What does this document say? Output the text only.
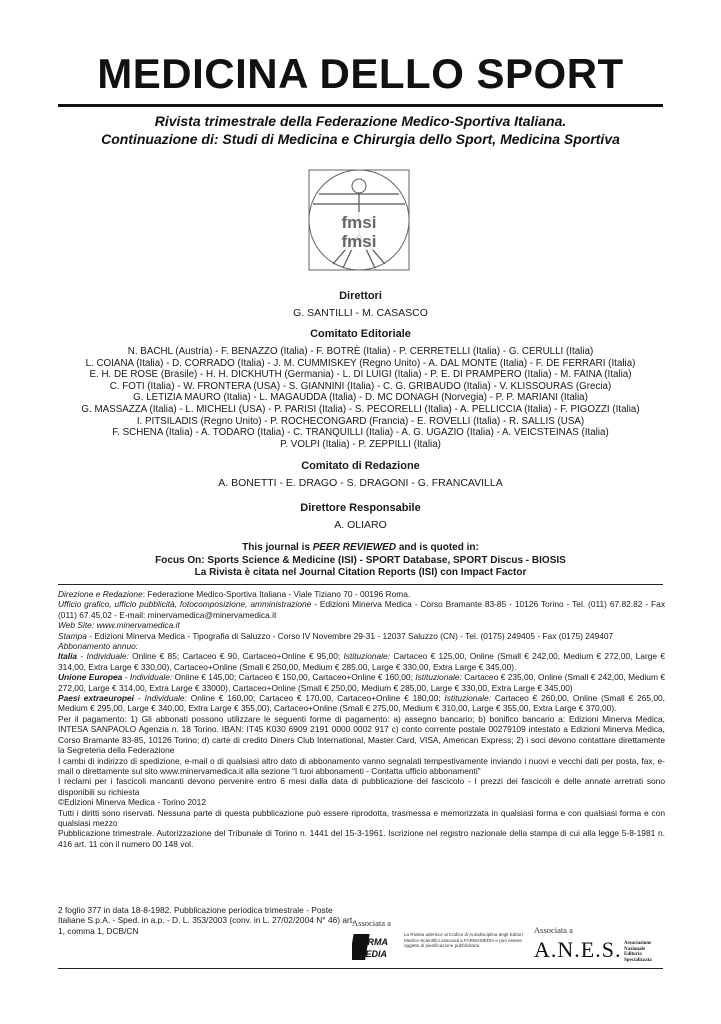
MEDICINA DELLO SPORT
Rivista trimestrale della Federazione Medico-Sportiva Italiana.
Continuazione di: Studi di Medicina e Chirurgia dello Sport, Medicina Sportiva
fmsi
fmsi
Direttori
G. SANTILLI - M. CASASCO
Comitato Editoriale
N. BACHL (Austria) - F. BENAZZO (Italia) - F. BOTRÈ (Italia) - P. CERRETELLI (Italia) - G. CERULLI (Italia)
L. COIANA (Italia) - D. CORRADO (Italia) - J. M. CUMMISKEY (Regno Unito) - A. DAL MONTE (Italia) - F. DE FERRARI (Italia)
E. H. DE ROSE (Brasile) - H. H. DICKHUTH (Germania) - L. DI LUIGI (Italia) - P. E. DI PRAMPERO (Italia) - M. FAINA (Italia)
C. FOTI (Italia) - W. FRONTERA (USA) - S. GIANNINI (Italia) - C. G. GRIBAUDO (Italia) - V. KLISSOURAS (Grecia)
G. LETIZIA MAURO (Italia) - L. MAGAUDDA (Italia) - D. MC DONAGH (Norvegia) - P. P. MARIANI (Italia)
G. MASSAZZA (Italia) - L. MICHELI (USA) - P. PARISI (Italia) - S. PECORELLI (Italia) - A. PELLICCIA (Italia) - F. PIGOZZI (Italia)
I. PITSILADIS (Regno Unito) - P. ROCHECONGARD (Francia) - E. ROVELLI (Italia) - R. SALLIS (USA)
F. SCHENA (Italia) - A. TODARO (Italia) - C. TRANQUILLI (Italia) - A. G. UGAZIO (Italia) - A. VEICSTEINAS (Italia)
P. VOLPI (Italia) - P. ZEPPILLI (Italia)
Comitato di Redazione
A. BONETTI - E. DRAGO - S. DRAGONI - G. FRANCAVILLA
Direttore Responsabile
A. OLIARO
This journal is PEER REVIEWED and is quoted in:
Focus On: Sports Science & Medicine (ISI) - SPORT Database, SPORT Discus - BIOSIS
La Rivista è citata nel Journal Citation Reports (ISI) con Impact Factor

Direzione e Redazione: Federazione Medico-Sportiva Italiana - Viale Tiziano 70 - 00196 Roma.

Ufficio grafico, ufficio pubblicità, fotocomposizione, amministrazione - Edizioni Minerva Medica - Corso Bramante 83-85 - 10126 Torino - Tel. (011) 67.82.82 - Fax (011) 67.45.02 - E-mail: minervamedica@minervamedica.it

Web Site: www.minervamedica.it

Stampa - Edizioni Minerva Medica - Tipografia di Saluzzo - Corso IV Novembre 29-31 - 12037 Saluzzo (CN) - Tel. (0175) 249405 - Fax (0175) 249407

Abbonamento annuo:

Italia - Individuale: Online € 85; Cartaceo € 90, Cartaceo+Online € 95,00; Istituzionale: Cartaceo € 125,00, Online (Small € 242,00, Medium € 272,00, Large € 314,00, Extra Large € 330,00), Cartaceo+Online (Small € 250,00, Medium € 285,00, Large € 330,00, Extra Large € 345,00).

Unione Europea - Individuale: Online € 145,00; Cartaceo € 150,00, Cartaceo+Online € 160,00; Istituzionale: Cartaceo € 235,00, Online (Small € 242,00, Medium € 272,00, Large € 314,00, Extra Large € 33000), Cartaceo+Online (Small € 250,00, Medium € 285,00, Large € 330,00, Extra Large € 345,00)

Paesi extraeuropei - Individuale: Online € 160,00; Cartaceo € 170,00, Cartaceo+Online € 180,00; Istituzionale: Cartaceo € 260,00, Online (Small € 265,00, Medium € 295,00, Large € 340,00, Extra Large € 355,00), Cartaceo+Online (Small € 275,00, Medium € 310,00, Large € 355,00, Extra Large € 370,00).

Per il pagamento: 1) Gli abbonati possono utilizzare le seguenti forme di pagamento: a) assegno bancario; b) bonifico bancario a: Edizioni Minerva Medica, INTESA SANPAOLO Agenzia n. 18 Torino. IBAN: IT45 K030 6909 2191 0000 0002 917 c) conto corrente postale 00279109 intestato a Edizioni Minerva Medica, Corso Bramante 83-85, 10126 Torino; d) carte di credito Diners Club International, Master Card, VISA, American Express; 2) i soci devono contattare direttamente la Segreteria della Federazione

I cambi di indirizzo di spedizione, e-mail o di qualsiasi altro dato di abbonamento vanno segnalati tempestivamente inviando i nuovi e vecchi dati per posta, fax, e-mail o direttamente sul sito www.minervamedica.it alla sezione “I tuoi abbonamenti - Contatta ufficio abbonamenti”

I reclami per i fascicoli mancanti devono pervenire entro 6 mesi dalla data di pubblicazione del fascicolo - I prezzi dei fascicoli e delle annate arretrati sono disponibili su richiesta

©Edizioni Minerva Medica - Torino 2012

Tutti i diritti sono riservati. Nessuna parte di questa pubblicazione può essere riprodotta, trasmessa e memorizzata in qualsiasi forma e con qualsiasi forma e con qualsiasi mezzo

Pubblicazione trimestrale. Autorizzazione del Tribunale di Torino n. 1441 del 15-3-1961. Iscrizione nel registro nazionale della stampa di cui alla legge 5-8-1981 n. 416 art. 11 con il numero 00 148 vol.

2 foglio 377 in data 18-8-1982. Pubblicazione periodica trimestrale - Poste Italiane S.p.A. - Sped. in a.p. - D. L. 353/2003 (conv. in L. 27/02/2004 N° 46) art. 1, comma 1, DCB/CN
Associata a
FARMA
MEDIA
La Rivista aderisce al Codice di Autodisciplina degli Editori Medico-Scientifici associati a FARMAMEDIA e può essere oggetto di pianificazione pubblicitaria
Associata a
A.N.E.S. Associazione Nazionale Editoria Specializzata
